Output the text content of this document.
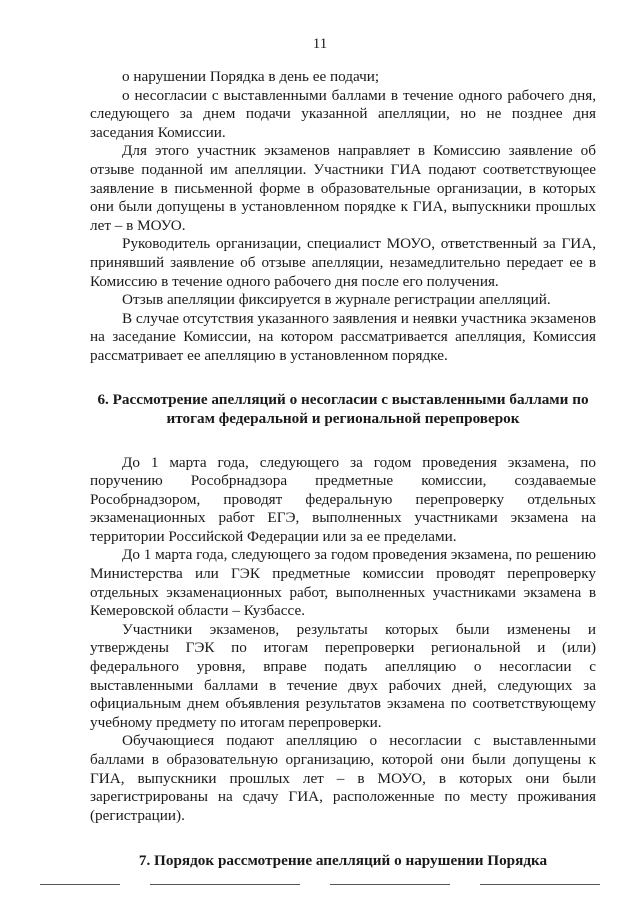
11

о нарушении Порядка в день ее подачи;

о несогласии с выставленными баллами в течение одного рабочего дня, следующего за днем подачи указанной апелляции, но не позднее дня заседания Комиссии.

Для этого участник экзаменов направляет в Комиссию заявление об отзыве поданной им апелляции. Участники ГИА подают соответствующее заявление в письменной форме в образовательные организации, в которых они были допущены в установленном порядке к ГИА, выпускники прошлых лет – в МОУО.

Руководитель организации, специалист МОУО, ответственный за ГИА, принявший заявление об отзыве апелляции, незамедлительно передает ее в Комиссию в течение одного рабочего дня после его получения.

Отзыв апелляции фиксируется в журнале регистрации апелляций.

В случае отсутствия указанного заявления и неявки участника экзаменов на заседание Комиссии, на котором рассматривается апелляция, Комиссия рассматривает ее апелляцию в установленном порядке.

6. Рассмотрение апелляций о несогласии с выставленными баллами по итогам федеральной и региональной перепроверок

До 1 марта года, следующего за годом проведения экзамена, по поручению Рособрнадзора предметные комиссии, создаваемые Рособрнадзором, проводят федеральную перепроверку отдельных экзаменационных работ ЕГЭ, выполненных участниками экзамена на территории Российской Федерации или за ее пределами.

До 1 марта года, следующего за годом проведения экзамена, по решению Министерства или ГЭК предметные комиссии проводят перепроверку отдельных экзаменационных работ, выполненных участниками экзамена в Кемеровской области – Кузбассе.

Участники экзаменов, результаты которых были изменены и утверждены ГЭК по итогам перепроверки региональной и (или) федерального уровня, вправе подать апелляцию о несогласии с выставленными баллами в течение двух рабочих дней, следующих за официальным днем объявления результатов экзамена по соответствующему учебному предмету по итогам перепроверки.

Обучающиеся подают апелляцию о несогласии с выставленными баллами в образовательную организацию, которой они были допущены к ГИА, выпускники прошлых лет – в МОУО, в которых они были зарегистрированы на сдачу ГИА, расположенные по месту проживания (регистрации).

7. Порядок рассмотрение апелляций о нарушении Порядка
